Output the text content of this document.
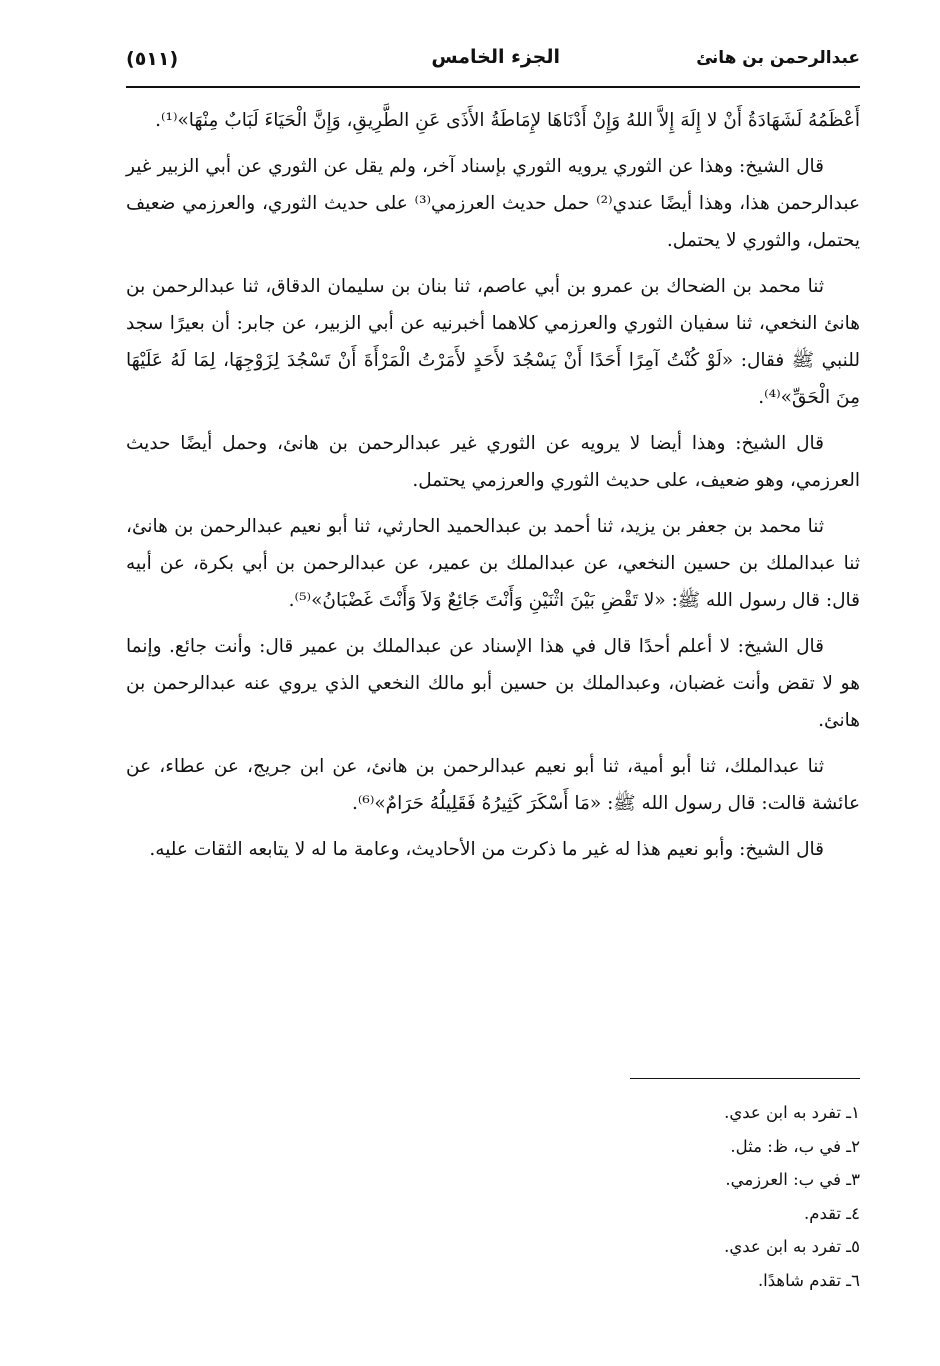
عبدالرحمن بن هانئ
الجزء الخامس
(٥١١)

أَعْظَمُهُ لَشَهَادَةُ أَنْ لا إِلَهَ إِلاَّ اللهُ وَإِنْ أَدْنَاهَا لإِمَاطَةُ الأَذَى عَنِ الطَّرِيقِ، وَإِنَّ الْحَيَاءَ لَبَابٌ مِنْهَا»⁽¹⁾.

قال الشيخ: وهذا عن الثوري يرويه الثوري بإسناد آخر، ولم يقل عن الثوري عن أبي الزبير غير عبدالرحمن هذا، وهذا أيضًا عندي⁽²⁾ حمل حديث العرزمي⁽³⁾ على حديث الثوري، والعرزمي ضعيف يحتمل، والثوري لا يحتمل.

ثنا محمد بن الضحاك بن عمرو بن أبي عاصم، ثنا بنان بن سليمان الدقاق، ثنا عبدالرحمن بن هانئ النخعي، ثنا سفيان الثوري والعرزمي كلاهما أخبرنيه عن أبي الزبير، عن جابر: أن بعيرًا سجد للنبي ﷺ فقال: «لَوْ كُنْتُ آمِرًا أَحَدًا أَنْ يَسْجُدَ لأَحَدٍ لأَمَرْتُ الْمَرْأَةَ أَنْ تَسْجُدَ لِزَوْجِهَا، لِمَا لَهُ عَلَيْهَا مِنَ الْحَقِّ»⁽⁴⁾.

قال الشيخ: وهذا أيضا لا يرويه عن الثوري غير عبدالرحمن بن هانئ، وحمل أيضًا حديث العرزمي، وهو ضعيف، على حديث الثوري والعرزمي يحتمل.

ثنا محمد بن جعفر بن يزيد، ثنا أحمد بن عبدالحميد الحارثي، ثنا أبو نعيم عبدالرحمن بن هانئ، ثنا عبدالملك بن حسين النخعي، عن عبدالملك بن عمير، عن عبدالرحمن بن أبي بكرة، عن أبيه قال: قال رسول الله ﷺ: «لا تَقْضِ بَيْنَ اثْنَيْنِ وَأَنْتَ جَائِعٌ وَلاَ وَأَنْتَ غَضْبَانُ»⁽⁵⁾.

قال الشيخ: لا أعلم أحدًا قال في هذا الإسناد عن عبدالملك بن عمير قال: وأنت جائع. وإنما هو لا تقض وأنت غضبان، وعبدالملك بن حسين أبو مالك النخعي الذي يروي عنه عبدالرحمن بن هانئ.

ثنا عبدالملك، ثنا أبو أمية، ثنا أبو نعيم عبدالرحمن بن هانئ، عن ابن جريج، عن عطاء، عن عائشة قالت: قال رسول الله ﷺ: «مَا أَسْكَرَ كَثِيرُهُ فَقَلِيلُهُ حَرَامٌ»⁽⁶⁾.

قال الشيخ: وأبو نعيم هذا له غير ما ذكرت من الأحاديث، وعامة ما له لا يتابعه الثقات عليه.

١ـ تفرد به ابن عدي.
٢ـ في ب، ظ: مثل.
٣ـ في ب: العرزمي.
٤ـ تقدم.
٥ـ تفرد به ابن عدي.
٦ـ تقدم شاهدًا.
